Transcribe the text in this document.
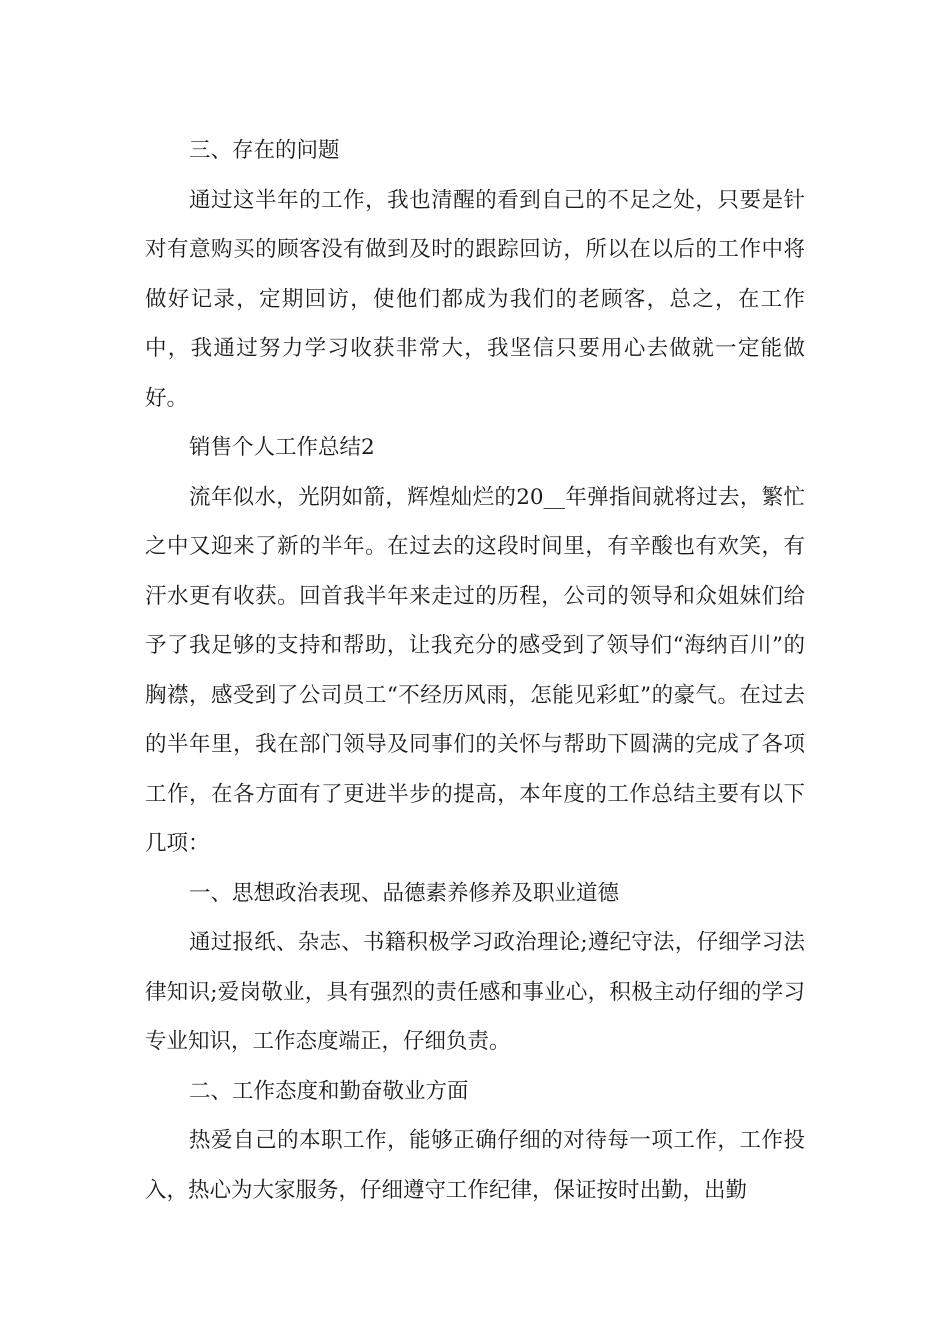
三、存在的问题

通过这半年的工作，我也清醒的看到自己的不足之处，只要是针对有意购买的顾客没有做到及时的跟踪回访，所以在以后的工作中将做好记录，定期回访，使他们都成为我们的老顾客，总之，在工作中，我通过努力学习收获非常大，我坚信只要用心去做就一定能做好。

销售个人工作总结2

流年似水，光阴如箭，辉煌灿烂的20__年弹指间就将过去，繁忙之中又迎来了新的半年。在过去的这段时间里，有辛酸也有欢笑，有汗水更有收获。回首我半年来走过的历程，公司的领导和众姐妹们给予了我足够的支持和帮助，让我充分的感受到了领导们“海纳百川”的胸襟，感受到了公司员工“不经历风雨，怎能见彩虹”的豪气。在过去的半年里，我在部门领导及同事们的关怀与帮助下圆满的完成了各项工作，在各方面有了更进半步的提高，本年度的工作总结主要有以下几项：

一、思想政治表现、品德素养修养及职业道德

通过报纸、杂志、书籍积极学习政治理论;遵纪守法，仔细学习法律知识;爱岗敬业，具有强烈的责任感和事业心，积极主动仔细的学习专业知识，工作态度端正，仔细负责。

二、工作态度和勤奋敬业方面

热爱自己的本职工作，能够正确仔细的对待每一项工作，工作投入，热心为大家服务，仔细遵守工作纪律，保证按时出勤，出勤
